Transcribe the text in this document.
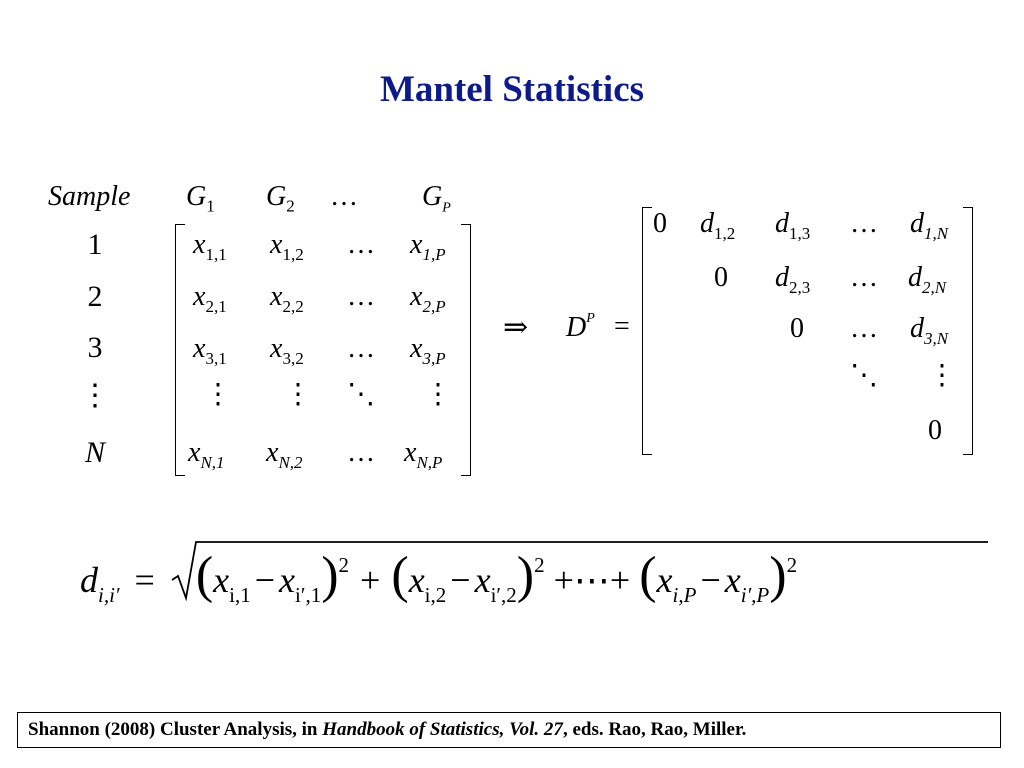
Mantel Statistics
Sample $G_1$ $G_2$ … $G_P$
1
2
3
⋮
N
$x_{1,1}$ $x_{1,2}$ … $x_{1,P}$
$x_{2,1}$ $x_{2,2}$ … $x_{2,P}$
$x_{3,1}$ $x_{3,2}$ … $x_{3,P}$
⋮ ⋮ ⋱ ⋮
$x_{N,1}$ $x_{N,2}$ … $x_{N,P}$
⇒ $D^P$ =
0 $d_{1,2}$ $d_{1,3}$ … $d_{1,N}$
0 $d_{2,3}$ … $d_{2,N}$
0 … $d_{3,N}$
⋱ ⋮
0
$d_{i,i'} = (x_{i,1} - x_{i',1})^2 + (x_{i,2} - x_{i',2})^2$ +⋯+ $(x_{i,P} - x_{i',P})^2$
Shannon (2008) Cluster Analysis, in Handbook of Statistics, Vol. 27, eds. Rao, Rao, Miller.
